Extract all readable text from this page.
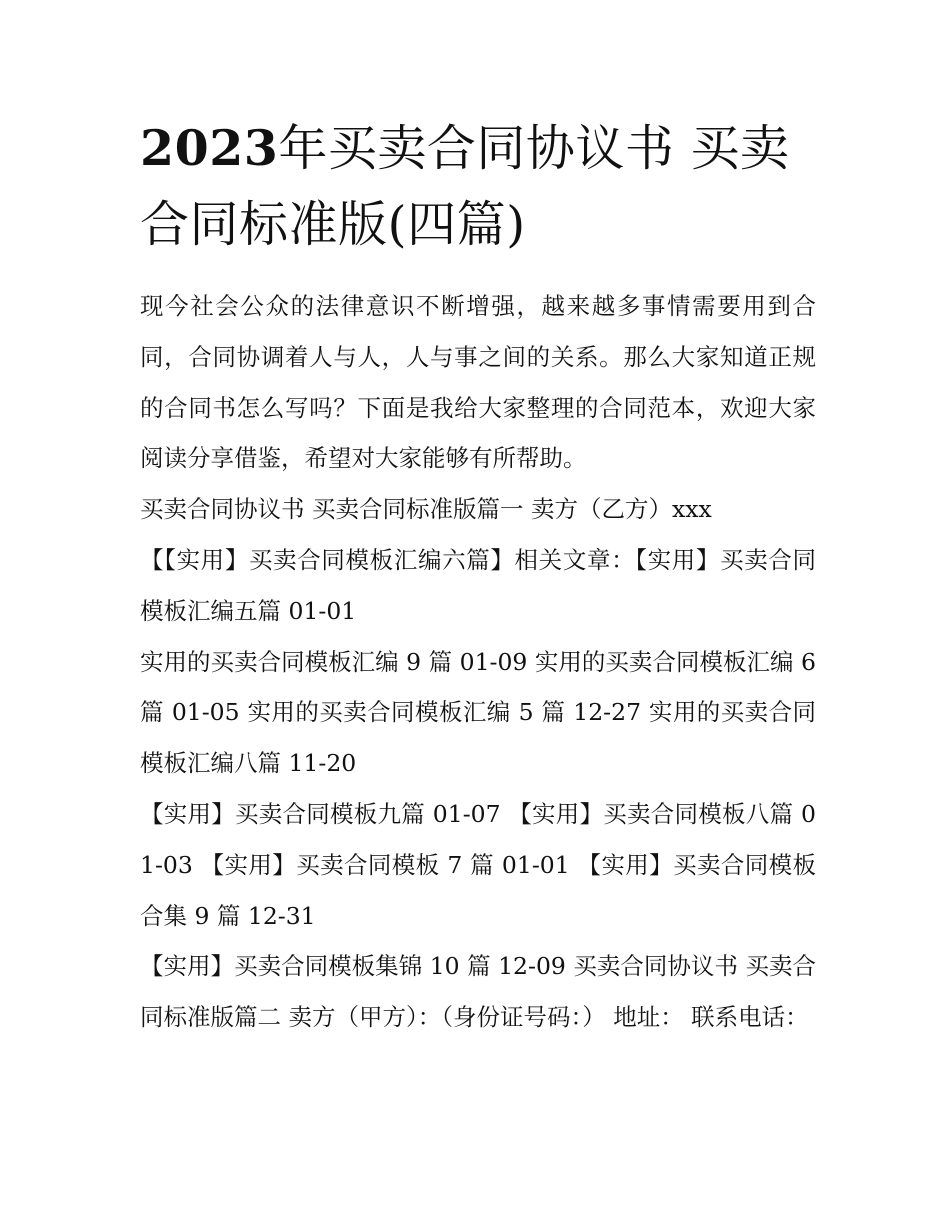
2023年买卖合同协议书 买卖合同标准版(四篇)

现今社会公众的法律意识不断增强，越来越多事情需要用到合同，合同协调着人与人，人与事之间的关系。那么大家知道正规的合同书怎么写吗？下面是我给大家整理的合同范本，欢迎大家阅读分享借鉴，希望对大家能够有所帮助。

买卖合同协议书 买卖合同标准版篇一 卖方（乙方）xxx

【【实用】买卖合同模板汇编六篇】相关文章：【实用】买卖合同模板汇编五篇 01-01

实用的买卖合同模板汇编 9 篇 01-09 实用的买卖合同模板汇编 6 篇 01-05 实用的买卖合同模板汇编 5 篇 12-27 实用的买卖合同模板汇编八篇 11-20

【实用】买卖合同模板九篇 01-07 【实用】买卖合同模板八篇 01-03 【实用】买卖合同模板 7 篇 01-01 【实用】买卖合同模板合集 9 篇 12-31

【实用】买卖合同模板集锦 10 篇 12-09 买卖合同协议书 买卖合同标准版篇二 卖方（甲方）：（身份证号码：） 地址： 联系电话：
